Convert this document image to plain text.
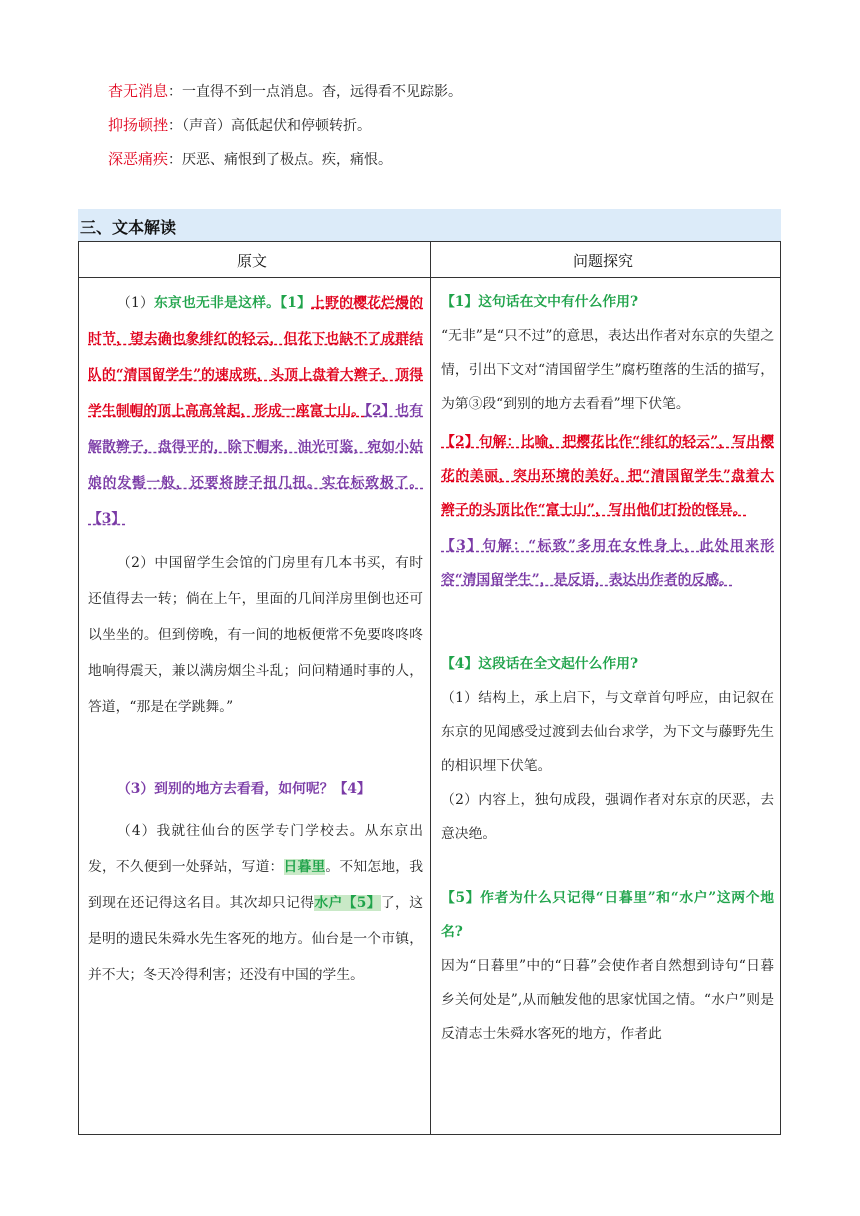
杳无消息：一直得不到一点消息。杳，远得看不见踪影。
抑扬顿挫：（声音）高低起伏和停顿转折。
深恶痛疾：厌恶、痛恨到了极点。疾，痛恨。
三、文本解读
原文	问题探究
（1）东京也无非是这样。【1】上野的樱花烂熳的时节，望去确也象绯红的轻云，但花下也缺不了成群结队的“清国留学生”的速成班，头顶上盘着大辫子，顶得学生制帽的顶上高高耸起，形成一座富士山。【2】也有解散辫子，盘得平的，除下帽来，油光可鉴，宛如小姑娘的发髻一般，还要将脖子扭几扭。实在标致极了。【3】
（2）中国留学生会馆的门房里有几本书买，有时还值得去一转；倘在上午，里面的几间洋房里倒也还可以坐坐的。但到傍晚，有一间的地板便常不免要咚咚咚地响得震天，兼以满房烟尘斗乱；问问精通时事的人，答道，“那是在学跳舞。”
（3）到别的地方去看看，如何呢？【4】
（4）我就往仙台的医学专门学校去。从东京出发，不久便到一处驿站，写道：日暮里。不知怎地，我到现在还记得这名目。其次却只记得水户【5】了，这是明的遗民朱舜水先生客死的地方。仙台是一个市镇，并不大；冬天冷得利害；还没有中国的学生。
【1】这句话在文中有什么作用?
“无非”是“只不过”的意思，表达出作者对东京的失望之情，引出下文对“清国留学生”腐朽堕落的生活的描写，为第③段“到别的地方去看看”埋下伏笔。
【2】句解：比喻，把樱花比作“绯红的轻云”，写出樱花的美丽，突出环境的美好。把“清国留学生”盘着大辫子的头顶比作“富士山”，写出他们打扮的怪异。
【3】句解：“标致”多用在女性身上，此处用来形容“清国留学生”，是反语，表达出作者的反感。
【4】这段话在全文起什么作用?
（1）结构上，承上启下，与文章首句呼应，由记叙在东京的见闻感受过渡到去仙台求学，为下文与藤野先生的相识埋下伏笔。
（2）内容上，独句成段，强调作者对东京的厌恶，去意决绝。
【5】作者为什么只记得“日暮里”和“水户”这两个地名?
因为“日暮里”中的“日暮”会使作者自然想到诗句“日暮乡关何处是”,从而触发他的思家忧国之情。“水户”则是反清志士朱舜水客死的地方，作者此
